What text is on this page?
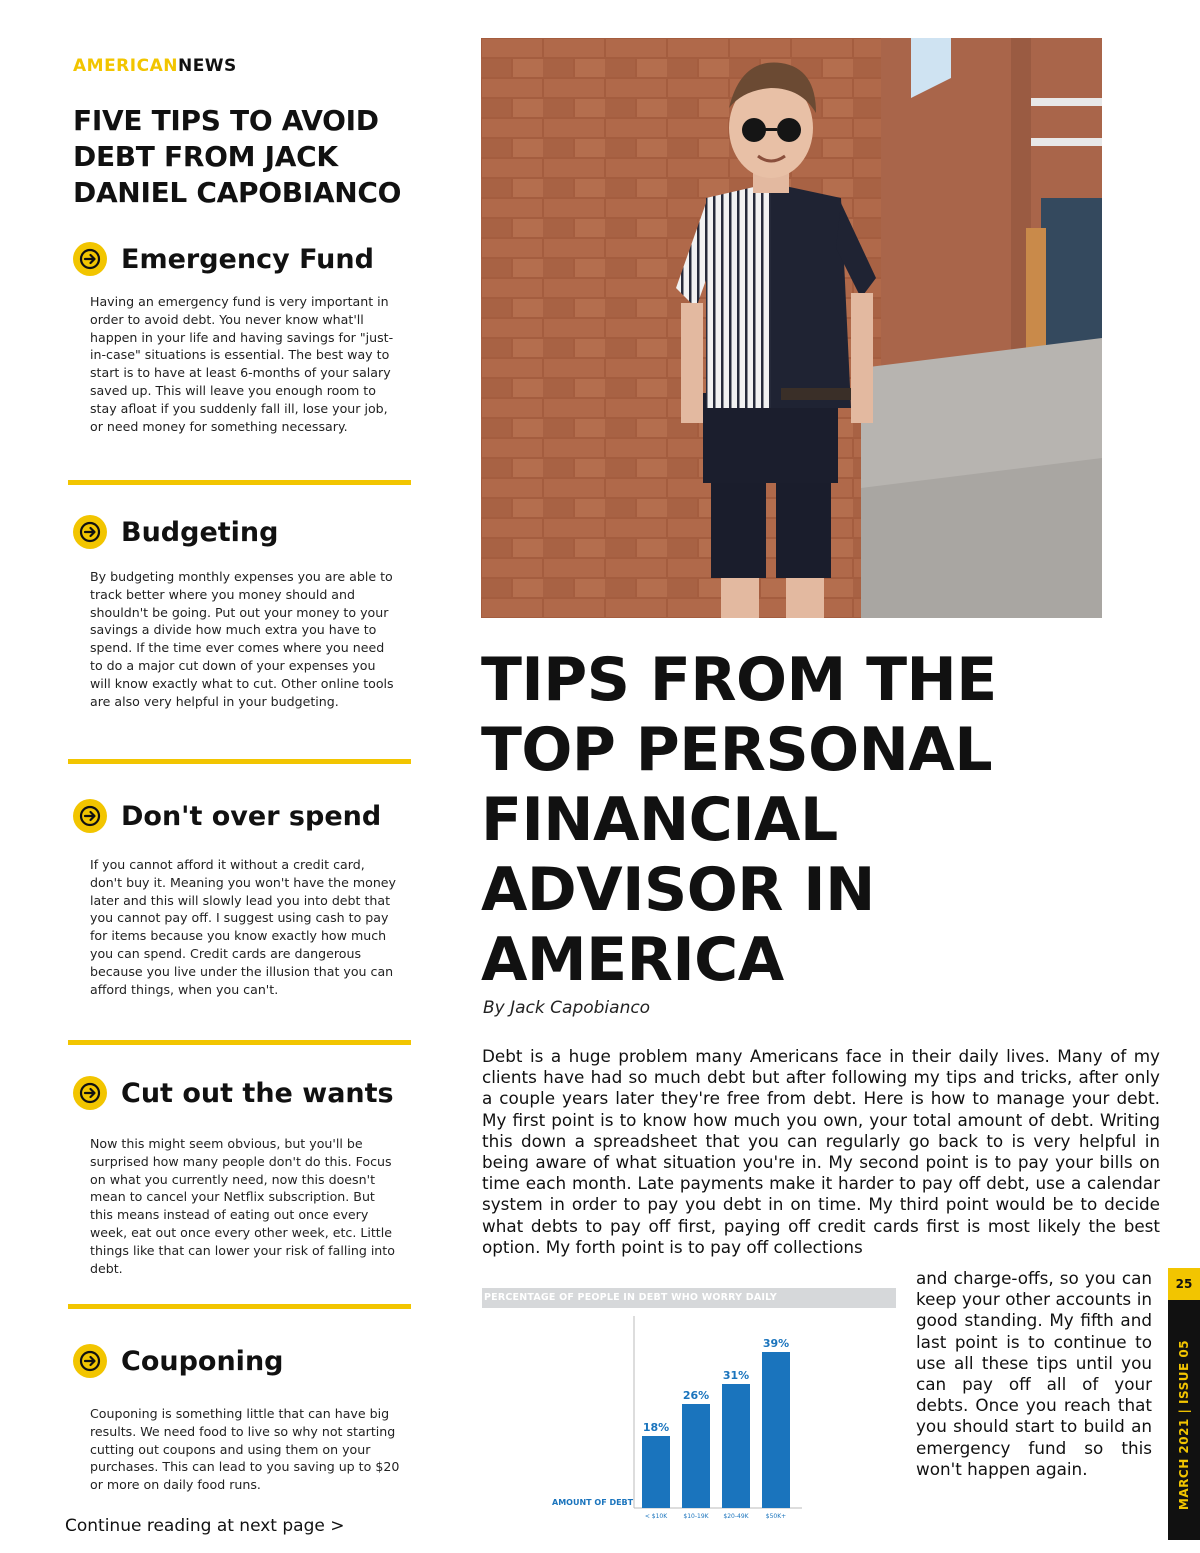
AMERICANNEWS
FIVE TIPS TO AVOID DEBT FROM JACK DANIEL CAPOBIANCO
Emergency Fund
Having an emergency fund is very important in order to avoid debt. You never know what'll happen in your life and having savings for "just-in-case" situations is essential. The best way to start is to have at least 6-months of your salary saved up. This will leave you enough room to stay afloat if you suddenly fall ill, lose your job, or need money for something necessary.
Budgeting
By budgeting monthly expenses you are able to track better where you money should and shouldn't be going. Put out your money to your savings a divide how much extra you have to spend. If the time ever comes where you need to do a major cut down of your expenses you will know exactly what to cut. Other online tools are also very helpful in your budgeting.
Don't over spend
If you cannot afford it without a credit card, don't buy it. Meaning you won't have the money later and this will slowly lead you into debt that you cannot pay off. I suggest using cash to pay for items because you know exactly how much you can spend. Credit cards are dangerous because you live under the illusion that you can afford things, when you can't.
Cut out the wants
Now this might seem obvious, but you'll be surprised how many people don't do this. Focus on what you currently need, now this doesn't mean to cancel your Netflix subscription. But this means instead of eating out once every week, eat out once every other week, etc. Little things like that can lower your risk of falling into debt.
Couponing
Couponing is something little that can have big results. We need food to live so why not starting cutting out coupons and using them on your purchases. This can lead to you saving up to $20 or more on daily food runs.
TIPS FROM THE TOP PERSONAL FINANCIAL ADVISOR IN AMERICA
By Jack Capobianco
Debt is a huge problem many Americans face in their daily lives. Many of my clients have had so much debt but after following my tips and tricks, after only a couple years later they're free from debt. Here is how to manage your debt. My first point is to know how much you own, your total amount of debt. Writing this down a spreadsheet that you can regularly go back to is very helpful in being aware of what situation you're in. My second point is to pay your bills on time each month. Late payments make it harder to pay off debt, use a calendar system in order to pay you debt in on time. My third point would be to decide what debts to pay off first, paying off credit cards first is most likely the best option. My forth point is to pay off collections
and charge-offs, so you can keep your other accounts in good standing. My fifth and last point is to continue to use all these tips until you can pay off all of your debts. Once you reach that you should start to build an emergency fund so this won't happen again.
PERCENTAGE OF PEOPLE IN DEBT WHO WORRY DAILY
AMOUNT OF DEBT
18%
< $10K
26%
$10-19K
31%
$20-49K
39%
$50K+
Continue reading at next page >
25
MARCH 2021 | ISSUE 05
